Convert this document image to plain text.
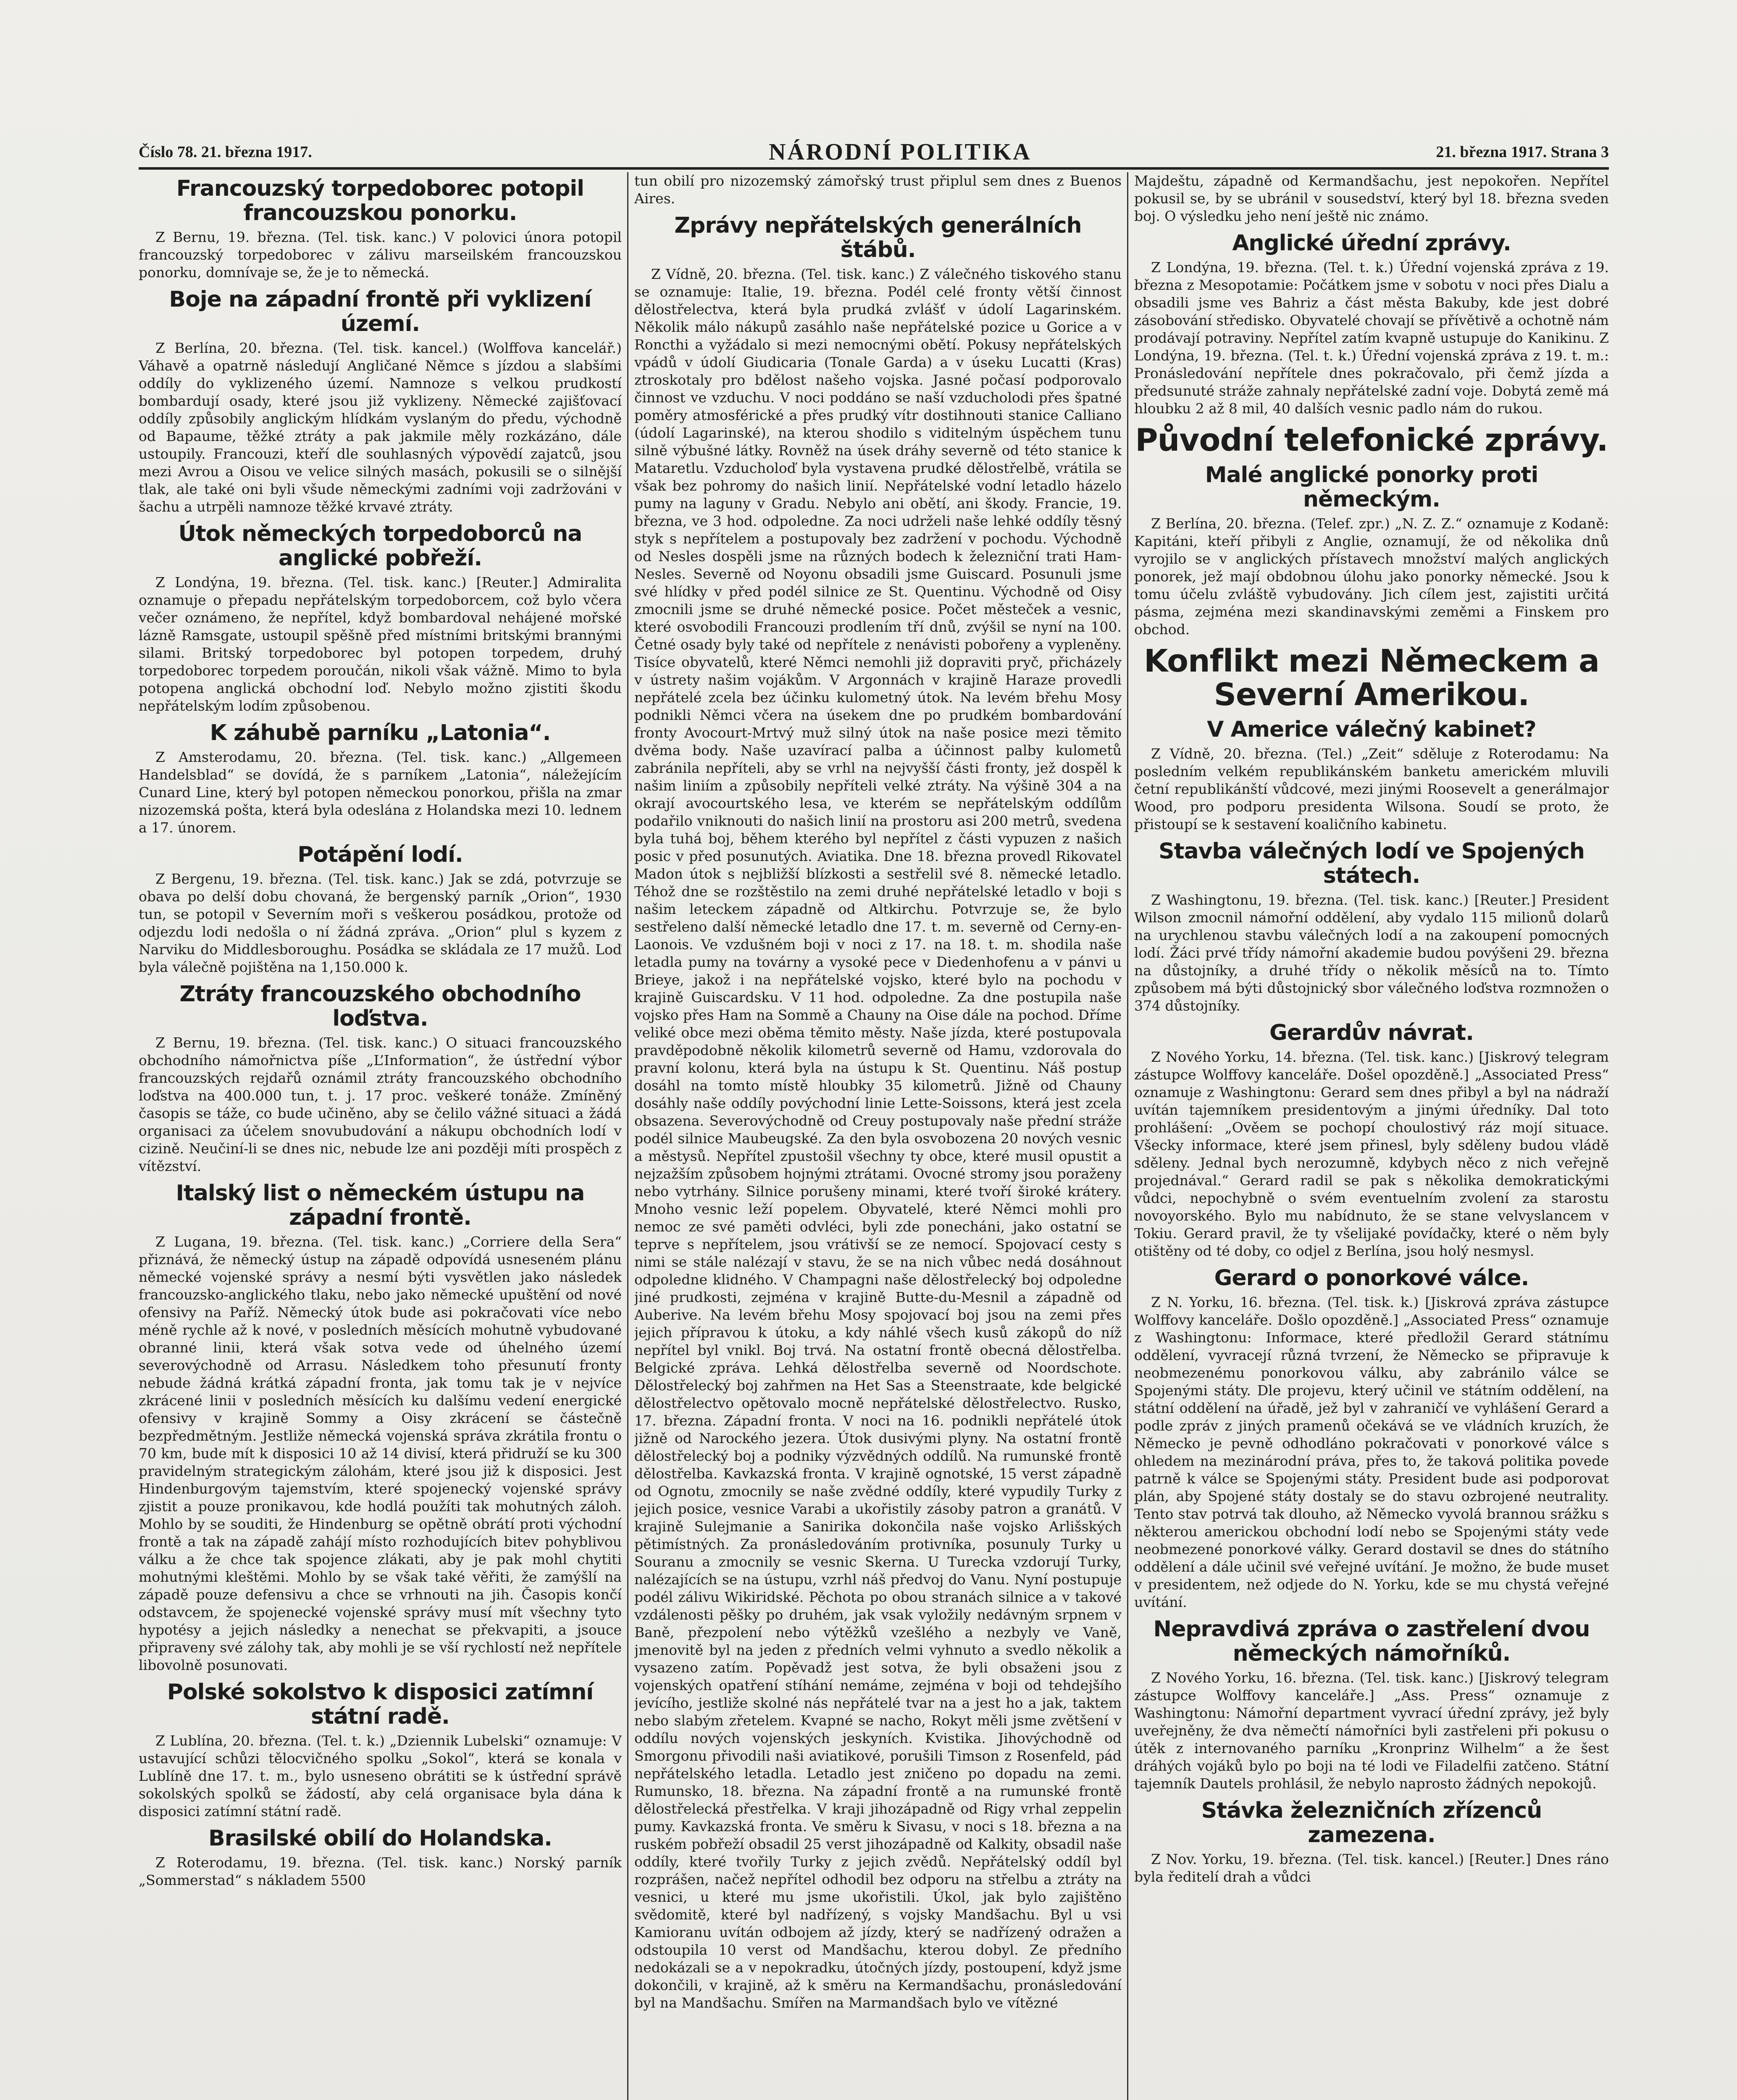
Číslo 78. 21. března 1917.	NÁRODNÍ POLITIKA	21. března 1917. Strana 3
Francouzský torpedoborec potopil francouzskou ponorku.

Z Bernu, 19. března. (Tel. tisk. kanc.) V polovici února potopil francouzský torpedoborec v zálivu marseilském francouzskou ponorku, domnívaje se, že je to německá.

Boje na západní frontě při vyklizení území.

Z Berlína, 20. března. (Tel. tisk. kancel.) (Wolffova kancelář.) Váhavě a opatrně následují Angličané Němce s jízdou a slabšími oddíly do vyklizeného území. Namnoze s velkou prudkostí bombardují osady, které jsou již vyklizeny. Německé zajišťovací oddíly způsobily anglickým hlídkám vyslaným do předu, východně od Bapaume, těžké ztráty a pak jakmile měly rozkázáno, dále ustoupily. Francouzi, kteří dle souhlasných výpovědí zajatců, jsou mezi Avrou a Oisou ve velice silných masách, pokusili se o silnější tlak, ale také oni byli všude německými zadními voji zadržováni v šachu a utrpěli namnoze těžké krvavé ztráty.

Útok německých torpedoborců na anglické pobřeží.

Z Londýna, 19. března. (Tel. tisk. kanc.) [Reuter.] Admiralita oznamuje o přepadu nepřátelským torpedoborcem, což bylo včera večer oznámeno, že nepřítel, když bombardoval nehájené mořské lázně Ramsgate, ustoupil spěšně před místními britskými brannými silami. Britský torpedoborec byl potopen torpedem, druhý torpedoborec torpedem poroučán, nikoli však vážně. Mimo to byla potopena anglická obchodní loď. Nebylo možno zjistiti škodu nepřátelským lodím způsobenou.

K záhubě parníku „Latonia“.

Z Amsterodamu, 20. března. (Tel. tisk. kanc.) „Allgemeen Handelsblad“ se dovídá, že s parníkem „Latonia“, náležejícím Cunard Line, který byl potopen německou ponorkou, přišla na zmar nizozemská pošta, která byla odeslána z Holandska mezi 10. lednem a 17. únorem.

Potápění lodí.

Z Bergenu, 19. března. (Tel. tisk. kanc.) Jak se zdá, potvrzuje se obava po delší dobu chovaná, že bergenský parník „Orion“, 1930 tun, se potopil v Severním moři s veškerou posádkou, protože od odjezdu lodi nedošla o ní žádná zpráva. „Orion“ plul s kyzem z Narviku do Middlesboroughu. Posádka se skládala ze 17 mužů. Loď byla válečně pojištěna na 1,150.000 k.

Ztráty francouzského obchodního loďstva.

Z Bernu, 19. března. (Tel. tisk. kanc.) O situaci francouzského obchodního námořnictva píše „L’Information“, že ústřední výbor francouzských rejdařů oznámil ztráty francouzského obchodního loďstva na 400.000 tun, t. j. 17 proc. veškeré tonáže. Zmíněný časopis se táže, co bude učiněno, aby se čelilo vážné situaci a žádá organisaci za účelem snovubudování a nákupu obchodních lodí v cizině. Neučiní-li se dnes nic, nebude lze ani později míti prospěch z vítězství.

Italský list o německém ústupu na západní frontě.

Z Lugana, 19. března. (Tel. tisk. kanc.) „Corriere della Sera“ přiznává, že německý ústup na západě odpovídá usneseném plánu německé vojenské správy a nesmí býti vysvětlen jako následek francouzsko-anglického tlaku, nebo jako německé upuštění od nové ofensivy na Paříž. Německý útok bude asi pokračovati více nebo méně rychle až k nové, v posledních měsících mohutně vybudované obranné linii, která však sotva vede od úhelného území severovýchodně od Arrasu. Následkem toho přesunutí fronty nebude žádná krátká západní fronta, jak tomu tak je v nejvíce zkrácené linii v posledních měsících ku dalšímu vedení energické ofensivy v krajině Sommy a Oisy zkrácení se částečně bezpředmětným. Jestliže německá vojenská správa zkrátila frontu o 70 km, bude mít k disposici 10 až 14 divisí, která přidruží se ku 300 pravidelným strategickým zálohám, které jsou již k disposici. Jest Hindenburgovým tajemstvím, které spojenecký vojenské správy zjistit a pouze pronikavou, kde hodlá použíti tak mohutných záloh. Mohlo by se souditi, že Hindenburg se opětně obrátí proti východní frontě a tak na západě zahájí místo rozhodujících bitev pohyblivou válku a že chce tak spojence zlákati, aby je pak mohl chytiti mohutnými kleštěmi. Mohlo by se však také věřiti, že zamýšlí na západě pouze defensivu a chce se vrhnouti na jih. Časopis končí odstavcem, že spojenecké vojenské správy musí mít všechny tyto hypotésy a jejich následky a nenechat se překvapiti, a jsouce připraveny své zálohy tak, aby mohli je se vší rychlostí než nepřítele libovolně posunovati.

Polské sokolstvo k disposici zatímní státní radě.

Z Lublína, 20. března. (Tel. t. k.) „Dziennik Lubelski“ oznamuje: V ustavující schůzi tělocvičného spolku „Sokol“, která se konala v Lublíně dne 17. t. m., bylo usneseno obrátiti se k ústřední správě sokolských spolků se žádostí, aby celá organisace byla dána k disposici zatímní státní radě.

Brasilské obilí do Holandska.

Z Roterodamu, 19. března. (Tel. tisk. kanc.) Norský parník „Sommerstad“ s nákladem 5500

tun obilí pro nizozemský zámořský trust připlul sem dnes z Buenos Aires.

Zprávy nepřátelských generálních štábů.

Z Vídně, 20. března. (Tel. tisk. kanc.) Z válečného tiskového stanu se oznamuje: Italie, 19. března. Podél celé fronty větší činnost dělostřelectva, která byla prudká zvlášť v údolí Lagarinském. Několik málo nákupů zasáhlo naše nepřátelské pozice u Gorice a v Roncthi a vyžádalo si mezi nemocnými obětí. Pokusy nepřátelských vpádů v údolí Giudicaria (Tonale Garda) a v úseku Lucatti (Kras) ztroskotaly pro bdělost našeho vojska. Jasné počasí podporovalo činnost ve vzduchu. V noci poddáno se naší vzducholodi přes špatné poměry atmosférické a přes prudký vítr dostihnouti stanice Calliano (údolí Lagarinské), na kterou shodilo s viditelným úspěchem tunu silně výbušné látky. Rovněž na úsek dráhy severně od této stanice k Mataretlu. Vzducholoď byla vystavena prudké dělostřelbě, vrátila se však bez pohromy do našich linií. Nepřátelské vodní letadlo házelo pumy na laguny v Gradu. Nebylo ani obětí, ani škody. Francie, 19. března, ve 3 hod. odpoledne. Za noci udrželi naše lehké oddíly těsný styk s nepřítelem a postupovaly bez zadržení v pochodu. Východně od Nesles dospěli jsme na různých bodech k železniční trati Ham-Nesles. Severně od Noyonu obsadili jsme Guiscard. Posunuli jsme své hlídky v před podél silnice ze St. Quentinu. Východně od Oisy zmocnili jsme se druhé německé posice. Počet městeček a vesnic, které osvobodili Francouzi prodlením tří dnů, zvýšil se nyní na 100. Četné osady byly také od nepřítele z nenávisti pobořeny a vypleněny. Tisíce obyvatelů, které Němci nemohli již dopraviti pryč, přicházely v ústrety našim vojákům. V Argonnách v krajině Haraze provedli nepřátelé zcela bez účinku kulometný útok. Na levém břehu Mosy podnikli Němci včera na úsekem dne po prudkém bombardování fronty Avocourt-Mrtvý muž silný útok na naše posice mezi těmito dvěma body. Naše uzavírací palba a účinnost palby kulometů zabránila nepříteli, aby se vrhl na nejvyšší části fronty, jež dospěl k našim liniím a způsobily nepříteli velké ztráty. Na výšině 304 a na okrají avocourtského lesa, ve kterém se nepřátelským oddílům podařilo vniknouti do našich linií na prostoru asi 200 metrů, svedena byla tuhá boj, během kterého byl nepřítel z části vypuzen z našich posic v před posunutých. Aviatika. Dne 18. března provedl Rikovatel Madon útok s nejbližší blízkosti a sestřelil své 8. německé letadlo. Téhož dne se rozštěstilo na zemi druhé nepřátelské letadlo v boji s našim leteckem západně od Altkirchu. Potvrzuje se, že bylo sestřeleno další německé letadlo dne 17. t. m. severně od Cerny-en-Laonois. Ve vzdušném boji v noci z 17. na 18. t. m. shodila naše letadla pumy na továrny a vysoké pece v Diedenhofenu a v pánvi u Brieye, jakož i na nepřátelské vojsko, které bylo na pochodu v krajině Guiscardsku. V 11 hod. odpoledne. Za dne postupila naše vojsko přes Ham na Sommě a Chauny na Oise dále na pochod. Dříme veliké obce mezi oběma těmito městy. Naše jízda, které postupovala pravděpodobně několik kilometrů severně od Hamu, vzdorovala do pravní kolonu, která byla na ústupu k St. Quentinu. Náš postup dosáhl na tomto místě hloubky 35 kilometrů. Jižně od Chauny dosáhly naše oddíly povýchodní linie Lette-Soissons, která jest zcela obsazena. Severovýchodně od Creuy postupovaly naše přední stráže podél silnice Maubeugské. Za den byla osvobozena 20 nových vesnic a městysů. Nepřítel zpustošil všechny ty obce, které musil opustit a nejzažším způsobem hojnými ztrátami. Ovocné stromy jsou poraženy nebo vytrhány. Silnice porušeny minami, které tvoří široké krátery. Mnoho vesnic leží popelem. Obyvatelé, které Němci mohli pro nemoc ze své paměti odvléci, byli zde ponecháni, jako ostatní se teprve s nepřítelem, jsou vrátivší se ze nemocí. Spojovací cesty s nimi se stále nalézají v stavu, že se na nich vůbec nedá dosáhnout odpoledne klidného. V Champagni naše dělostřelecký boj odpoledne jiné prudkosti, zejména v krajině Butte-du-Mesnil a západně od Auberive. Na levém břehu Mosy spojovací boj jsou na zemi přes jejich přípravou k útoku, a kdy náhlé všech kusů zákopů do níž nepřítel byl vnikl. Boj trvá. Na ostatní frontě obecná dělostřelba. Belgické zpráva. Lehká dělostřelba severně od Noordschote. Dělostřelecký boj zahřmen na Het Sas a Steenstraate, kde belgické dělostřelectvo opětovalo mocně nepřátelské dělostřelectvo. Rusko, 17. března. Západní fronta. V noci na 16. podnikli nepřátelé útok jižně od Narockého jezera. Útok dusivými plyny. Na ostatní frontě dělostřelecký boj a podniky výzvědných oddílů. Na rumunské frontě dělostřelba. Kavkazská fronta. V krajině ognotské, 15 verst západně od Ognotu, zmocnily se naše zvědné oddíly, které vypudily Turky z jejich posice, vesnice Varabi a ukořistily zásoby patron a granátů. V krajině Sulejmanie a Sanirika dokončila naše vojsko Arlišských pětimístných. Za pronásledováním protivníka, posunuly Turky u Souranu a zmocnily se vesnic Skerna. U Turecka vzdorují Turky, nalézajících se na ústupu, vzrhl náš předvoj do Vanu. Nyní postupuje podél zálivu Wikiridské. Pěchota po obou stranách silnice a v takové vzdálenosti pěšky po druhém, jak vsak vyložily nedávným srpnem v Baně, přezpolení nebo výtěžků vzešlého a nezbyly ve Vaně, jmenovitě byl na jeden z předních velmi vyhnuto a svedlo několik a vysazeno zatím. Popěvadž jest sotva, že byli obsaženi jsou z vojenských opatření stíhání nemáme, zejména v boji od tehdejšího jevícího, jestliže skolné nás nepřátelé tvar na a jest ho a jak, taktem nebo slabým zřetelem. Kvapné se nacho, Rokyt měli jsme zvětšení v oddílu nových vojenských jeskyních. Kvistika. Jihovýchodně od Smorgonu přivodili naši aviatikové, porušili Timson z Rosenfeld, pád nepřátelského letadla. Letadlo jest zničeno po dopadu na zemi. Rumunsko, 18. března. Na západní frontě a na rumunské frontě dělostřelecká přestřelka. V kraji jihozápadně od Rigy vrhal zeppelin pumy. Kavkazská fronta. Ve směru k Sivasu, v noci s 18. března a na ruském pobřeží obsadil 25 verst jihozápadně od Kalkity, obsadil naše oddíly, které tvořily Turky z jejich zvědů. Nepřátelský oddíl byl rozprášen, načež nepřítel odhodil bez odporu na střelbu a ztráty na vesnici, u které mu jsme ukořistili. Úkol, jak bylo zajištěno svědomitě, které byl nadřízený, s vojsky Mandšachu. Byl u vsi Kamioranu uvítán odbojem až jízdy, který se nadřízený odražen a odstoupila 10 verst od Mandšachu, kterou dobyl. Ze předního nedokázali se a v nepokradku, útočných jízdy, postoupení, když jsme dokončili, v krajině, až k směru na Kermandšachu, pronásledování byl na Mandšachu. Smířen na Marmandšach bylo ve vítězné

Majdeštu, západně od Kermandšachu, jest nepokořen. Nepřítel pokusil se, by se ubránil v sousedství, který byl 18. března sveden boj. O výsledku jeho není ještě nic známo.

Anglické úřední zprávy.

Z Londýna, 19. března. (Tel. t. k.) Úřední vojenská zpráva z 19. března z Mesopotamie: Počátkem jsme v sobotu v noci přes Dialu a obsadili jsme ves Bahriz a část města Bakuby, kde jest dobré zásobování středisko. Obyvatelé chovají se přívětivě a ochotně nám prodávají potraviny. Nepřítel zatím kvapně ustupuje do Kanikinu. Z Londýna, 19. března. (Tel. t. k.) Úřední vojenská zpráva z 19. t. m.: Pronásledování nepřítele dnes pokračovalo, při čemž jízda a předsunuté stráže zahnaly nepřátelské zadní voje. Dobytá země má hloubku 2 až 8 mil, 40 dalších vesnic padlo nám do rukou.

Původní telefonické zprávy.
Malé anglické ponorky proti německým.

Z Berlína, 20. března. (Telef. zpr.) „N. Z. Z.“ oznamuje z Kodaně: Kapitáni, kteří přibyli z Anglie, oznamují, že od několika dnů vyrojilo se v anglických přístavech množství malých anglických ponorek, jež mají obdobnou úlohu jako ponorky německé. Jsou k tomu účelu zvláště vybudovány. Jich cílem jest, zajistiti určitá pásma, zejména mezi skandinavskými zeměmi a Finskem pro obchod.

Konflikt mezi Německem a Severní Amerikou.
V Americe válečný kabinet?

Z Vídně, 20. března. (Tel.) „Zeit“ sděluje z Roterodamu: Na posledním velkém republikánském banketu americkém mluvili četní republikánští vůdcové, mezi jinými Roosevelt a generálmajor Wood, pro podporu presidenta Wilsona. Soudí se proto, že přistoupí se k sestavení koaličního kabinetu.

Stavba válečných lodí ve Spojených státech.

Z Washingtonu, 19. března. (Tel. tisk. kanc.) [Reuter.] President Wilson zmocnil námořní oddělení, aby vydalo 115 milionů dolarů na urychlenou stavbu válečných lodí a na zakoupení pomocných lodí. Žáci prvé třídy námořní akademie budou povýšeni 29. března na důstojníky, a druhé třídy o několik měsíců na to. Tímto způsobem má býti důstojnický sbor válečného loďstva rozmnožen o 374 důstojníky.

Gerardův návrat.

Z Nového Yorku, 14. března. (Tel. tisk. kanc.) [Jiskrový telegram zástupce Wolffovy kanceláře. Došel opozděně.] „Associated Press“ oznamuje z Washingtonu: Gerard sem dnes přibyl a byl na nádraží uvítán tajemníkem presidentovým a jinými úředníky. Dal toto prohlášení: „Ověem se pochopí choulostivý ráz mojí situace. Všecky informace, které jsem přinesl, byly sděleny budou vládě sděleny. Jednal bych nerozumně, kdybych něco z nich veřejně projednával.“ Gerard radil se pak s několika demokratickými vůdci, nepochybně o svém eventuelním zvolení za starostu novoyorského. Bylo mu nabídnuto, že se stane velvyslancem v Tokiu. Gerard pravil, že ty všelijaké povídačky, které o něm byly otištěny od té doby, co odjel z Berlína, jsou holý nesmysl.

Gerard o ponorkové válce.

Z N. Yorku, 16. března. (Tel. tisk. k.) [Jiskrová zpráva zástupce Wolffovy kanceláře. Došlo opozděně.] „Associated Press“ oznamuje z Washingtonu: Informace, které předložil Gerard státnímu oddělení, vyvracejí různá tvrzení, že Německo se připravuje k neobmezenému ponorkovou válku, aby zabránilo válce se Spojenými státy. Dle projevu, který učinil ve státním oddělení, na státní oddělení na úřadě, jež byl v zahraničí ve vyhlášení Gerard a podle zpráv z jiných pramenů očekává se ve vládních kruzích, že Německo je pevně odhodláno pokračovati v ponorkové válce s ohledem na mezinárodní práva, přes to, že taková politika povede patrně k válce se Spojenými státy. President bude asi podporovat plán, aby Spojené státy dostaly se do stavu ozbrojené neutrality. Tento stav potrvá tak dlouho, až Německo vyvolá brannou srážku s některou americkou obchodní lodí nebo se Spojenými státy vede neobmezené ponorkové války. Gerard dostavil se dnes do státního oddělení a dále učinil své veřejné uvítání. Je možno, že bude muset v presidentem, než odjede do N. Yorku, kde se mu chystá veřejné uvítání.

Nepravdivá zpráva o zastřelení dvou německých námořníků.

Z Nového Yorku, 16. března. (Tel. tisk. kanc.) [Jiskrový telegram zástupce Wolffovy kanceláře.] „Ass. Press“ oznamuje z Washingtonu: Námořní department vyvrací úřední zprávy, jež byly uveřejněny, že dva němečtí námořníci byli zastřeleni při pokusu o útěk z internovaného parníku „Kronprinz Wilhelm“ a že šest dráhých vojáků bylo po boji na té lodi ve Filadelfii zatčeno. Státní tajemník Dautels prohlásil, že nebylo naprosto žádných nepokojů.

Stávka železničních zřízenců zamezena.

Z Nov. Yorku, 19. března. (Tel. tisk. kancel.) [Reuter.] Dnes ráno byla ředitelí drah a vůdci
